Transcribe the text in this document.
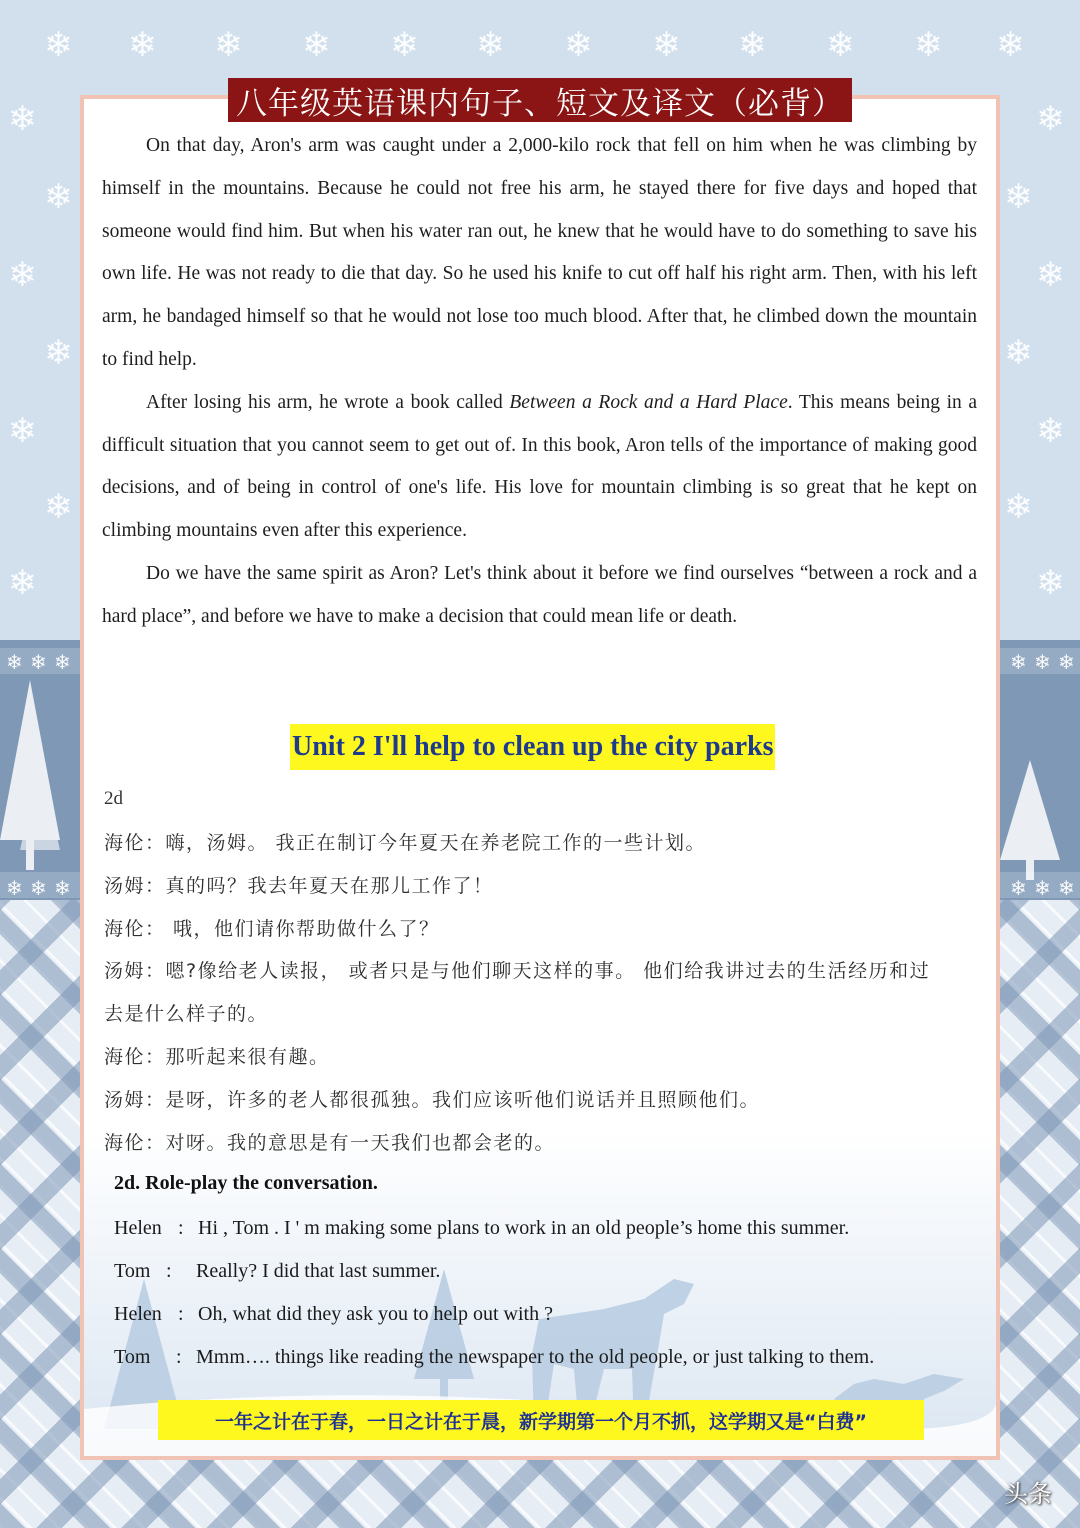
❄ ❄ ❄ ❄ ❄ ❄ ❄ ❄ ❄ ❄ ❄ ❄
❄
❄
❄
❄
❄
❄
❄
❄
❄
❄
❄
❄
❄
❄
❄ ❄ ❄	❄ ❄ ❄
❄ ❄ ❄	❄ ❄ ❄
八年级英语课内句子、短文及译文（必背）

On that day, Aron's arm was caught under a 2,000-kilo rock that fell on him when he was climbing by himself in the mountains. Because he could not free his arm, he stayed there for five days and hoped that someone would find him. But when his water ran out, he knew that he would have to do something to save his own life. He was not ready to die that day. So he used his knife to cut off half his right arm. Then, with his left arm, he bandaged himself so that he would not lose too much blood. After that, he climbed down the mountain to find help.

After losing his arm, he wrote a book called Between a Rock and a Hard Place. This means being in a difficult situation that you cannot seem to get out of. In this book, Aron tells of the importance of making good decisions, and of being in control of one's life. His love for mountain climbing is so great that he kept on climbing mountains even after this experience.

Do we have the same spirit as Aron? Let's think about it before we find ourselves “between a rock and a hard place”, and before we have to make a decision that could mean life or death.

Unit 2 I'll help to clean up the city parks
2d
海伦：嗨，汤姆。 我正在制订今年夏天在养老院工作的一些计划。
汤姆：真的吗？我去年夏天在那儿工作了！
海伦： 哦，他们请你帮助做什么了？
汤姆：嗯?像给老人读报， 或者只是与他们聊天这样的事。 他们给我讲过去的生活经历和过
去是什么样子的。
海伦：那听起来很有趣。
汤姆：是呀，许多的老人都很孤独。我们应该听他们说话并且照顾他们。
海伦：对呀。我的意思是有一天我们也都会老的。
2d. Role-play the conversation.
Helen : Hi , Tom . I ' m making some plans to work in an old people’s home this summer.
Tom : Really? I did that last summer.
Helen : Oh, what did they ask you to help out with ?
Tom : Mmm…. things like reading the newspaper to the old people, or just talking to them.
一年之计在于春，一日之计在于晨，新学期第一个月不抓，这学期又是“白费”
头条
